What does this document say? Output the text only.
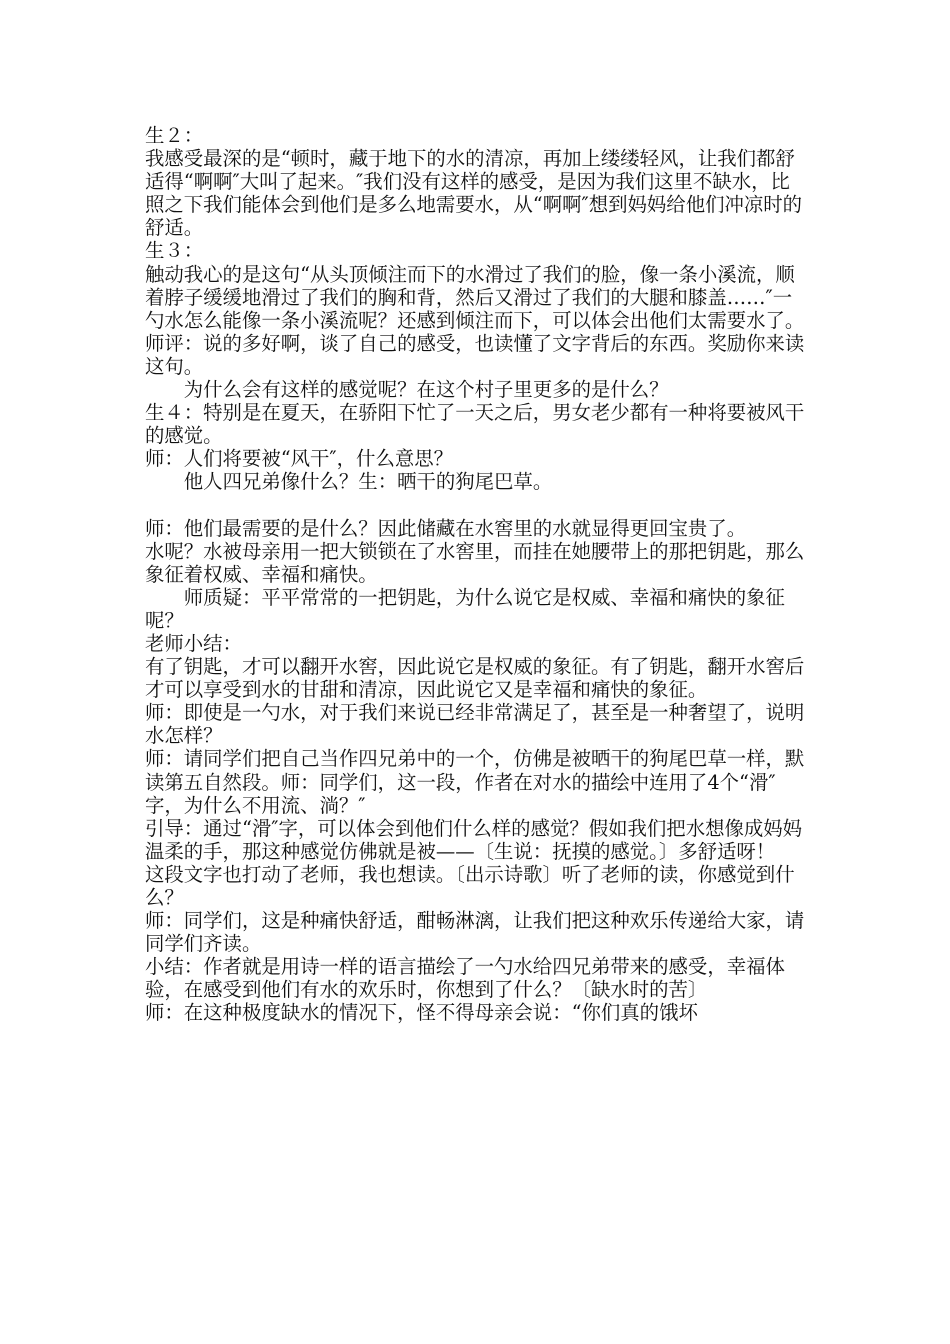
生２：

我感受最深的是“顿时，藏于地下的水的清凉，再加上缕缕轻风，让我们都舒适得“啊啊″大叫了起来。″我们没有这样的感受，是因为我们这里不缺水，比照之下我们能体会到他们是多么地需要水，从“啊啊″想到妈妈给他们冲凉时的舒适。

生３：

触动我心的是这句“从头顶倾注而下的水滑过了我们的脸，像一条小溪流，顺着脖子缓缓地滑过了我们的胸和背，然后又滑过了我们的大腿和膝盖……″一勺水怎么能像一条小溪流呢？还感到倾注而下，可以体会出他们太需要水了。

师评：说的多好啊，谈了自己的感受，也读懂了文字背后的东西。奖励你来读这句。

为什么会有这样的感觉呢？在这个村子里更多的是什么？

生４：特别是在夏天，在骄阳下忙了一天之后，男女老少都有一种将要被风干的感觉。

师：人们将要被“风干″，什么意思？

他人四兄弟像什么？生：晒干的狗尾巴草。

师：他们最需要的是什么？因此储藏在水窖里的水就显得更回宝贵了。

水呢？水被母亲用一把大锁锁在了水窖里，而挂在她腰带上的那把钥匙，那么象征着权威、幸福和痛快。

师质疑：平平常常的一把钥匙，为什么说它是权威、幸福和痛快的象征呢？

老师小结：

有了钥匙，才可以翻开水窖，因此说它是权威的象征。有了钥匙，翻开水窖后才可以享受到水的甘甜和清凉，因此说它又是幸福和痛快的象征。

师：即使是一勺水，对于我们来说已经非常满足了，甚至是一种奢望了，说明水怎样？

师：请同学们把自己当作四兄弟中的一个，仿佛是被晒干的狗尾巴草一样，默读第五自然段。师：同学们，这一段，作者在对水的描绘中连用了4个“滑″字，为什么不用流、淌？″

引导：通过“滑″字，可以体会到他们什么样的感觉？假如我们把水想像成妈妈温柔的手，那这种感觉仿佛就是被——〔生说：抚摸的感觉。〕多舒适呀！

这段文字也打动了老师，我也想读。〔出示诗歌〕听了老师的读，你感觉到什么？

师：同学们，这是种痛快舒适，酣畅淋漓，让我们把这种欢乐传递给大家，请同学们齐读。

小结：作者就是用诗一样的语言描绘了一勺水给四兄弟带来的感受，幸福体验，在感受到他们有水的欢乐时，你想到了什么？〔缺水时的苦〕

师：在这种极度缺水的情况下，怪不得母亲会说：“你们真的饿坏
